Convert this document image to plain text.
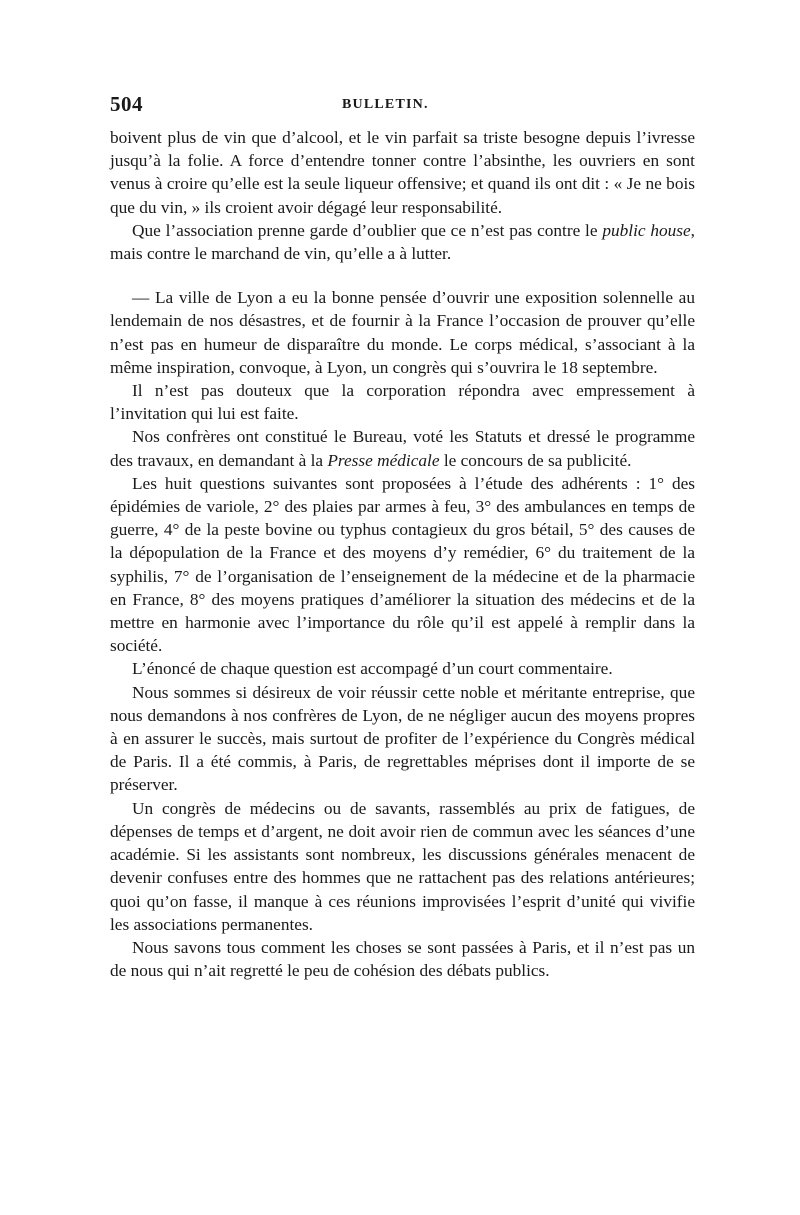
504	BULLETIN.

boivent plus de vin que d’alcool, et le vin parfait sa triste besogne depuis l’ivresse jusqu’à la folie. A force d’entendre tonner contre l’absinthe, les ouvriers en sont venus à croire qu’elle est la seule liqueur offensive; et quand ils ont dit : « Je ne bois que du vin, » ils croient avoir dégagé leur responsabilité.

Que l’association prenne garde d’oublier que ce n’est pas contre le public house, mais contre le marchand de vin, qu’elle a à lutter.

— La ville de Lyon a eu la bonne pensée d’ouvrir une exposition solennelle au lendemain de nos désastres, et de fournir à la France l’occasion de prouver qu’elle n’est pas en humeur de disparaître du monde. Le corps médical, s’associant à la même inspiration, convoque, à Lyon, un congrès qui s’ouvrira le 18 septembre.

Il n’est pas douteux que la corporation répondra avec empressement à l’invitation qui lui est faite.

Nos confrères ont constitué le Bureau, voté les Statuts et dressé le programme des travaux, en demandant à la Presse médicale le concours de sa publicité.

Les huit questions suivantes sont proposées à l’étude des adhérents : 1° des épidémies de variole, 2° des plaies par armes à feu, 3° des ambulances en temps de guerre, 4° de la peste bovine ou typhus contagieux du gros bétail, 5° des causes de la dépopulation de la France et des moyens d’y remédier, 6° du traitement de la syphilis, 7° de l’organisation de l’enseignement de la médecine et de la pharmacie en France, 8° des moyens pratiques d’améliorer la situation des médecins et de la mettre en harmonie avec l’importance du rôle qu’il est appelé à remplir dans la société.

L’énoncé de chaque question est accompagé d’un court commentaire.

Nous sommes si désireux de voir réussir cette noble et méritante entreprise, que nous demandons à nos confrères de Lyon, de ne négliger aucun des moyens propres à en assurer le succès, mais surtout de profiter de l’expérience du Congrès médical de Paris. Il a été commis, à Paris, de regrettables méprises dont il importe de se préserver.

Un congrès de médecins ou de savants, rassemblés au prix de fatigues, de dépenses de temps et d’argent, ne doit avoir rien de commun avec les séances d’une académie. Si les assistants sont nombreux, les discussions générales menacent de devenir confuses entre des hommes que ne rattachent pas des relations antérieures; quoi qu’on fasse, il manque à ces réunions improvisées l’esprit d’unité qui vivifie les associations permanentes.

Nous savons tous comment les choses se sont passées à Paris, et il n’est pas un de nous qui n’ait regretté le peu de cohésion des débats publics.
